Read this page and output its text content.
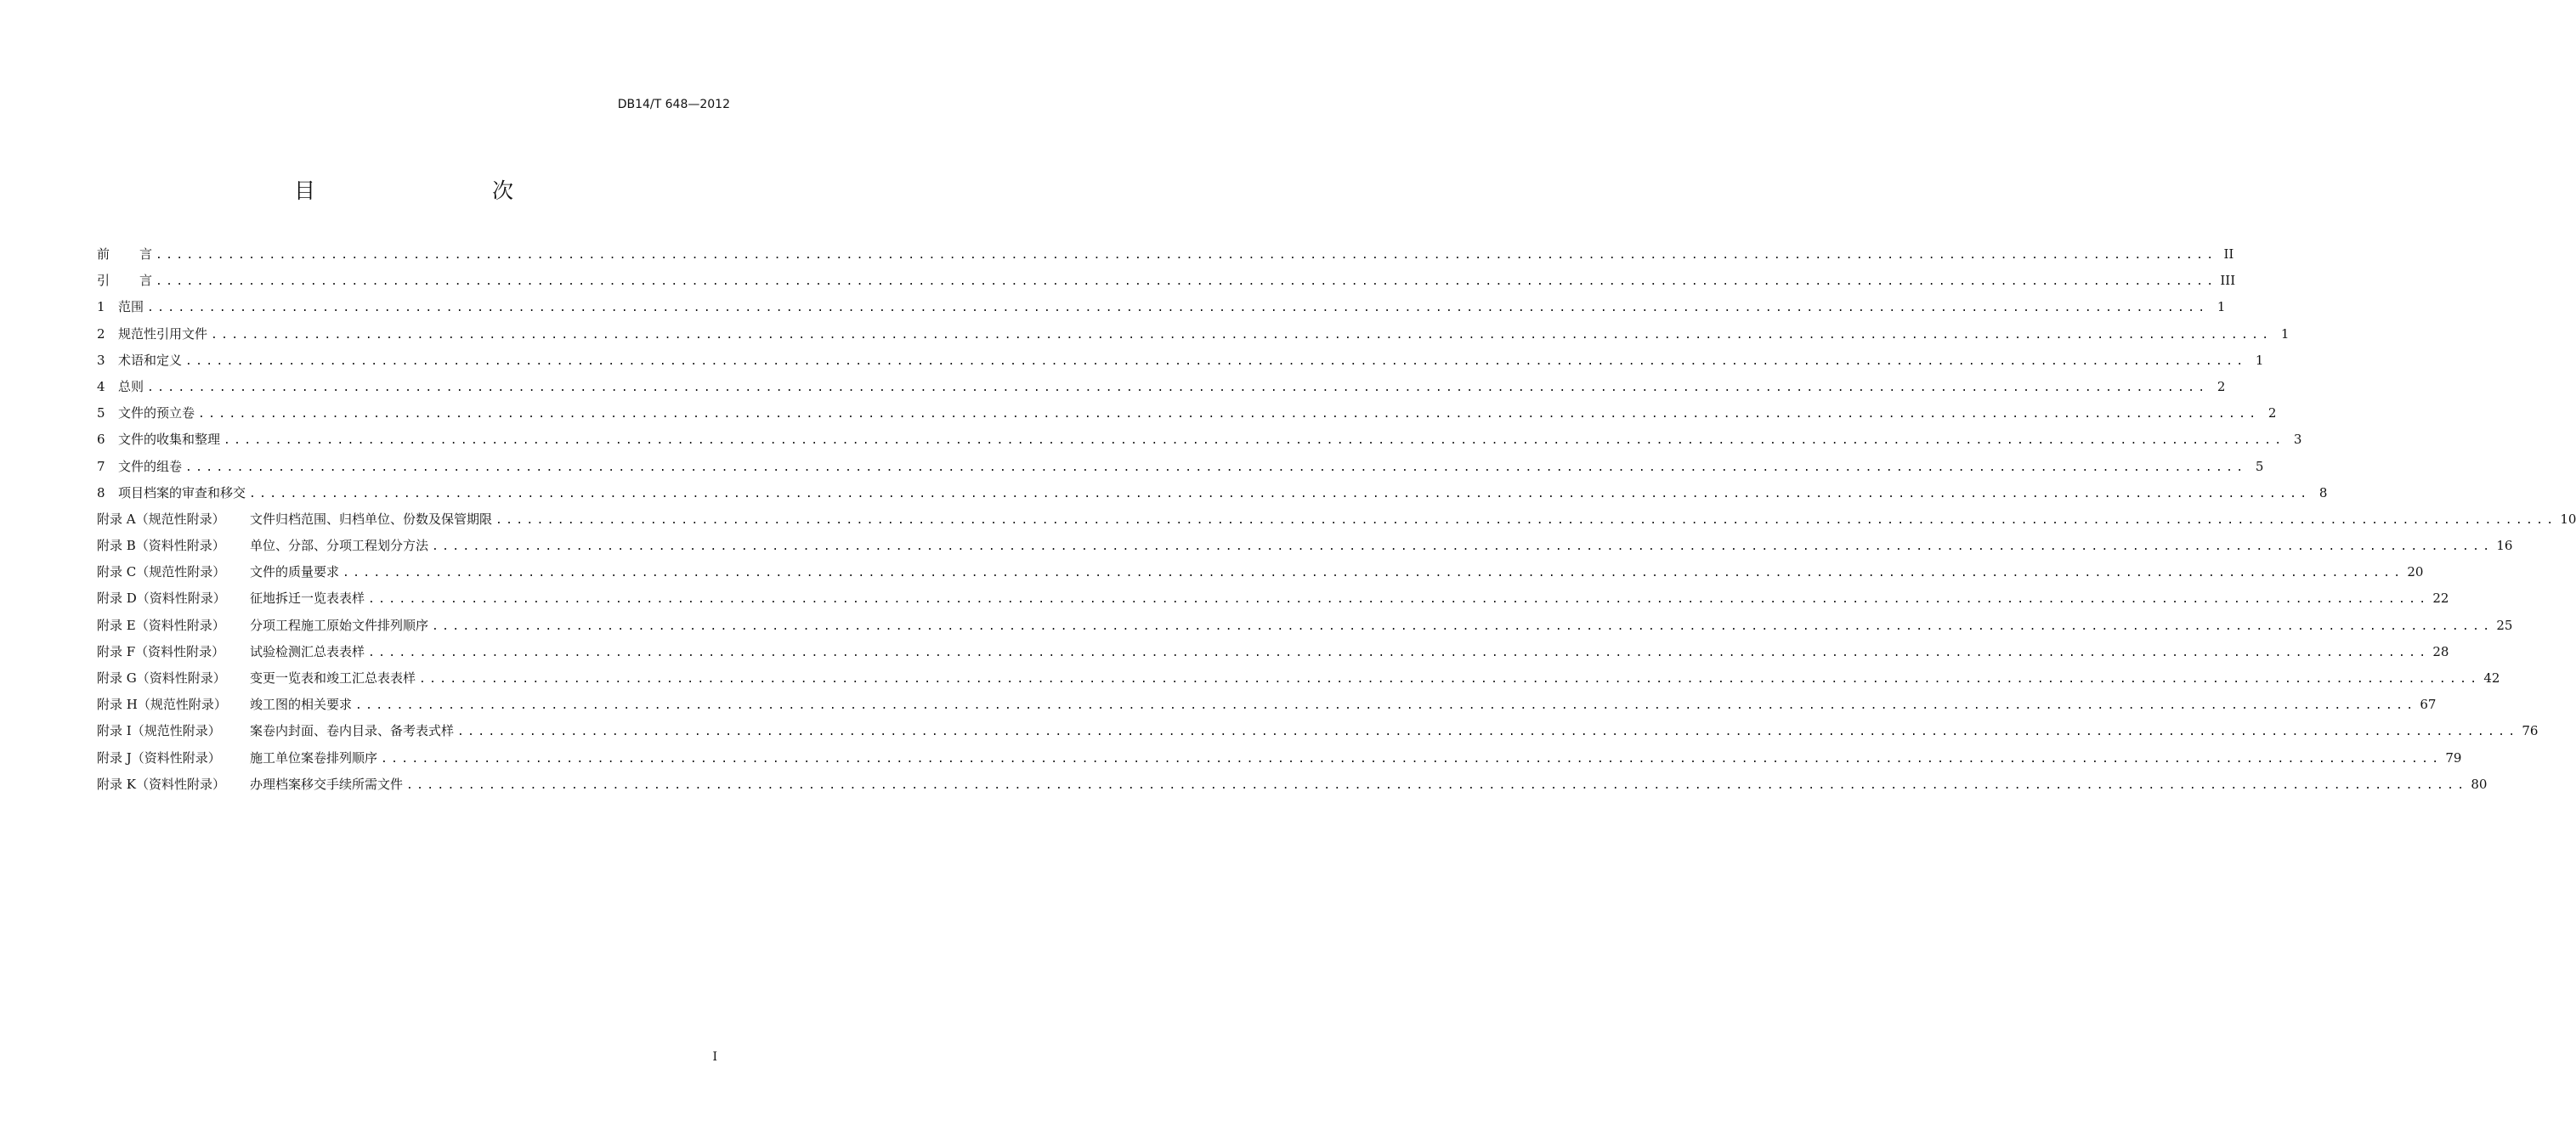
DB14/T 648—2012
目 次
前	言 ........................................................................................................................................................................................................ II
引	言 ........................................................................................................................................................................................................ III
1	范围 ........................................................................................................................................................................................................ 1
2	规范性引用文件 ........................................................................................................................................................................................................ 1
3	术语和定义 ........................................................................................................................................................................................................ 1
4	总则 ........................................................................................................................................................................................................ 2
5	文件的预立卷 ........................................................................................................................................................................................................ 2
6	文件的收集和整理 ........................................................................................................................................................................................................ 3
7	文件的组卷 ........................................................................................................................................................................................................ 5
8	项目档案的审查和移交 ........................................................................................................................................................................................................ 8
附录 A（规范性附录）	文件归档范围、归档单位、份数及保管期限 ........................................................................................................................................................................................................ 10
附录 B（资料性附录）	单位、分部、分项工程划分方法 ........................................................................................................................................................................................................ 16
附录 C（规范性附录）	文件的质量要求 ........................................................................................................................................................................................................ 20
附录 D（资料性附录）	征地拆迁一览表表样 ........................................................................................................................................................................................................ 22
附录 E（资料性附录）	分项工程施工原始文件排列顺序 ........................................................................................................................................................................................................ 25
附录 F（资料性附录）	试验检测汇总表表样 ........................................................................................................................................................................................................ 28
附录 G（资料性附录）	变更一览表和竣工汇总表表样 ........................................................................................................................................................................................................ 42
附录 H（规范性附录）	竣工图的相关要求 ........................................................................................................................................................................................................ 67
附录 I（规范性附录）	案卷内封面、卷内目录、备考表式样 ........................................................................................................................................................................................................ 76
附录 J（资料性附录）	施工单位案卷排列顺序 ........................................................................................................................................................................................................ 79
附录 K（资料性附录）	办理档案移交手续所需文件 ........................................................................................................................................................................................................ 80
I
